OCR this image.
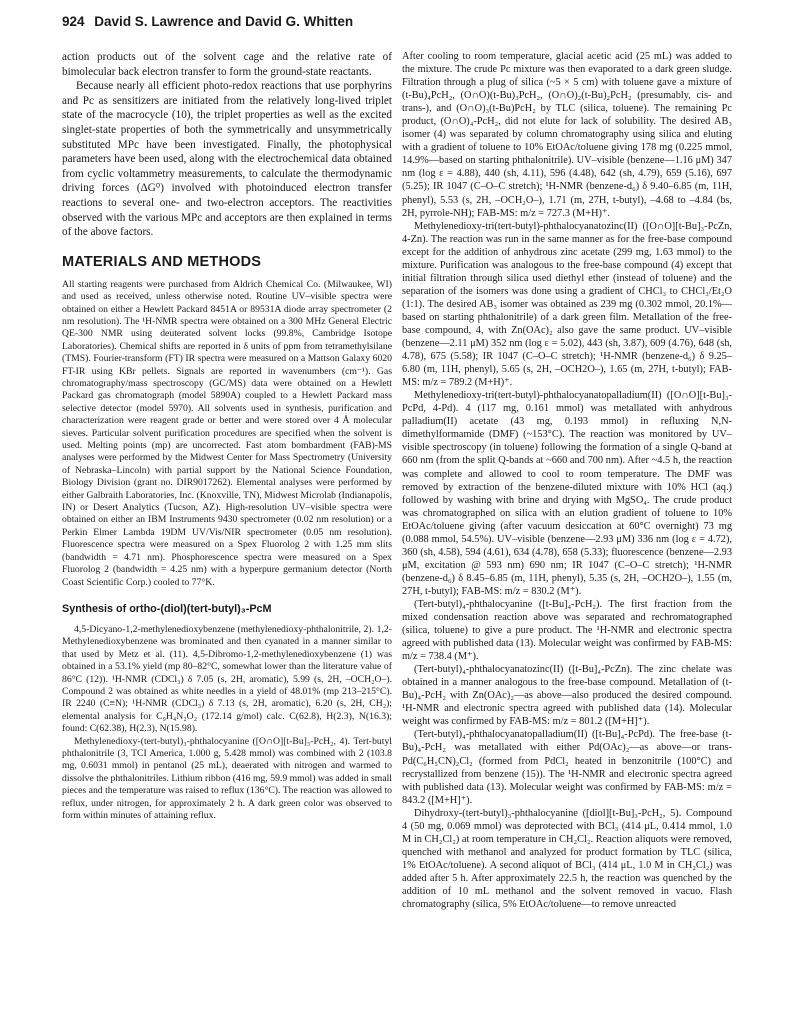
924 David S. Lawrence and David G. Whitten

action products out of the solvent cage and the relative rate of bimolecular back electron transfer to form the ground-state reactants.

Because nearly all efficient photo-redox reactions that use porphyrins and Pc as sensitizers are initiated from the relatively long-lived triplet state of the macrocycle (10), the triplet properties as well as the excited singlet-state properties of both the symmetrically and unsymmetrically substituted MPc have been investigated. Finally, the photophysical parameters have been used, along with the electrochemical data obtained from cyclic voltammetry measurements, to calculate the thermodynamic driving forces (ΔG⁰) involved with photoinduced electron transfer reactions to several one- and two-electron acceptors. The reactivities observed with the various MPc and acceptors are then explained in terms of the above factors.

MATERIALS AND METHODS

All starting reagents were purchased from Aldrich Chemical Co. (Milwaukee, WI) and used as received, unless otherwise noted. Routine UV–visible spectra were obtained on either a Hewlett Packard 8451A or 89531A diode array spectrometer (2 nm resolution). The ¹H-NMR spectra were obtained on a 300 MHz General Electric QE-300 NMR using deuterated solvent locks (99.8%, Cambridge Isotope Laboratories). Chemical shifts are reported in δ units of ppm from tetramethylsilane (TMS). Fourier-transform (FT) IR spectra were measured on a Mattson Galaxy 6020 FT-IR using KBr pellets. Signals are reported in wavenumbers (cm⁻¹). Gas chromatography/mass spectroscopy (GC/MS) data were obtained on a Hewlett Packard gas chromatograph (model 5890A) coupled to a Hewlett Packard mass selective detector (model 5970). All solvents used in synthesis, purification and characterization were reagent grade or better and were stored over 4 Å molecular sieves. Particular solvent purification procedures are specified when the solvent is used. Melting points (mp) are uncorrected. Fast atom bombardment (FAB)-MS analyses were performed by the Midwest Center for Mass Spectrometry (University of Nebraska–Lincoln) with partial support by the National Science Foundation, Biology Division (grant no. DIR9017262). Elemental analyses were performed by either Galbraith Laboratories, Inc. (Knoxville, TN), Midwest Microlab (Indianapolis, IN) or Desert Analytics (Tucson, AZ). High-resolution UV–visible spectra were obtained on either an IBM Instruments 9430 spectrometer (0.02 nm resolution) or a Perkin Elmer Lambda 19DM UV/Vis/NIR spectrometer (0.05 nm resolution). Fluorescence spectra were measured on a Spex Fluorolog 2 with 1.25 mm slits (bandwidth = 4.71 nm). Phosphorescence spectra were measured on a Spex Fluorolog 2 (bandwidth = 4.25 nm) with a hyperpure germanium detector (North Coast Scientific Corp.) cooled to 77°K.

Synthesis of ortho-(diol)(tert-butyl)₃-PcM

4,5-Dicyano-1,2-methylenedioxybenzene (methylenedioxy-phthalonitrile, 2). 1,2-Methylenedioxybenzene was brominated and then cyanated in a manner similar to that used by Metz et al. (11). 4,5-Dibromo-1,2-methylenedioxybenzene (1) was obtained in a 53.1% yield (mp 80–82°C, somewhat lower than the literature value of 86°C (12)). ¹H-NMR (CDCl₃) δ 7.05 (s, 2H, aromatic), 5.99 (s, 2H, –OCH₂O–). Compound 2 was obtained as white needles in a yield of 48.01% (mp 213–215°C). IR 2240 (C≡N); ¹H-NMR (CDCl₃) δ 7.13 (s, 2H, aromatic), 6.20 (s, 2H, CH₂); elemental analysis for C₉H₄N₂O₂ (172.14 g/mol) calc. C(62.8), H(2.3), N(16.3); found: C(62.38), H(2.3), N(15.98).

Methylenedioxy-(tert-butyl)₃-phthalocyanine ([O∩O][t-Bu]₃-PcH₂, 4). Tert-butyl phthalonitrile (3, TCI America, 1.000 g, 5.428 mmol) was combined with 2 (103.8 mg, 0.6031 mmol) in pentanol (25 mL), deaerated with nitrogen and warmed to dissolve the phthalonitriles. Lithium ribbon (416 mg, 59.9 mmol) was added in small pieces and the temperature was raised to reflux (136°C). The reaction was allowed to reflux, under nitrogen, for approximately 2 h. A dark green color was observed to form within minutes of attaining reflux.

After cooling to room temperature, glacial acetic acid (25 mL) was added to the mixture. The crude Pc mixture was then evaporated to a dark green sludge. Filtration through a plug of silica (~5 × 5 cm) with toluene gave a mixture of (t-Bu)₄PcH₂, (O∩O)(t-Bu)₃PcH₂, (O∩O)₂(t-Bu)₂PcH₂ (presumably, cis- and trans-), and (O∩O)₃(t-Bu)PcH₂ by TLC (silica, toluene). The remaining Pc product, (O∩O)₄-PcH₂, did not elute for lack of solubility. The desired AB₃ isomer (4) was separated by column chromatography using silica and eluting with a gradient of toluene to 10% EtOAc/toluene giving 178 mg (0.225 mmol, 14.9%—based on starting phthalonitrile). UV–visible (benzene—1.16 μM) 347 nm (log ε = 4.88), 440 (sh, 4.11), 596 (4.48), 642 (sh, 4.79), 659 (5.16), 697 (5.25); IR 1047 (C–O–C stretch); ¹H-NMR (benzene-d₆) δ 9.40–6.85 (m, 11H, phenyl), 5.53 (s, 2H, –OCH₂O–), 1.71 (m, 27H, t-butyl), –4.68 to –4.84 (bs, 2H, pyrrole-NH); FAB-MS: m/z = 727.3 (M+H)⁺.

Methylenedioxy-tri(tert-butyl)-phthalocyanatozinc(II) ([O∩O][t-Bu]₃-PcZn, 4-Zn). The reaction was run in the same manner as for the free-base compound except for the addition of anhydrous zinc acetate (299 mg, 1.63 mmol) to the mixture. Purification was analogous to the free-base compound (4) except that initial filtration through silica used diethyl ether (instead of toluene) and the separation of the isomers was done using a gradient of CHCl₃ to CHCl₃/Et₂O (1:1). The desired AB₃ isomer was obtained as 239 mg (0.302 mmol, 20.1%—based on starting phthalonitrile) of a dark green film. Metallation of the free-base compound, 4, with Zn(OAc)₂ also gave the same product. UV–visible (benzene—2.11 μM) 352 nm (log ε = 5.02), 443 (sh, 3.87), 609 (4.76), 648 (sh, 4.78), 675 (5.58); IR 1047 (C–O–C stretch); ¹H-NMR (benzene-d₆) δ 9.25–6.80 (m, 11H, phenyl), 5.65 (s, 2H, –OCH2O–), 1.65 (m, 27H, t-butyl); FAB-MS: m/z = 789.2 (M+H)⁺.

Methylenedioxy-tri(tert-butyl)-phthalocyanatopalladium(II) ([O∩O][t-Bu]₃-PcPd, 4-Pd). 4 (117 mg, 0.161 mmol) was metallated with anhydrous palladium(II) acetate (43 mg, 0.193 mmol) in refluxing N,N-dimethylformamide (DMF) (~153°C). The reaction was monitored by UV–visible spectroscopy (in toluene) following the formation of a single Q-band at 660 nm (from the split Q-bands at ~660 and 700 nm). After ~4.5 h, the reaction was complete and allowed to cool to room temperature. The DMF was removed by extraction of the benzene-diluted mixture with 10% HCl (aq.) followed by washing with brine and drying with MgSO₄. The crude product was chromatographed on silica with an elution gradient of toluene to 10% EtOAc/toluene giving (after vacuum desiccation at 60°C overnight) 73 mg (0.088 mmol, 54.5%). UV–visible (benzene—2.93 μM) 336 nm (log ε = 4.72), 360 (sh, 4.58), 594 (4.61), 634 (4.78), 658 (5.33); fluorescence (benzene—2.93 μM, excitation @ 593 nm) 690 nm; IR 1047 (C–O–C stretch); ¹H-NMR (benzene-d₆) δ 8.45–6.85 (m, 11H, phenyl), 5.35 (s, 2H, –OCH2O–), 1.55 (m, 27H, t-butyl); FAB-MS: m/z = 830.2 (M⁺).

(Tert-butyl)₄-phthalocyanine ([t-Bu]₄-PcH₂). The first fraction from the mixed condensation reaction above was separated and rechromatographed (silica, toluene) to give a pure product. The ¹H-NMR and electronic spectra agreed with published data (13). Molecular weight was confirmed by FAB-MS: m/z = 738.4 (M⁺).

(Tert-butyl)₄-phthalocyanatozinc(II) ([t-Bu]₄-PcZn). The zinc chelate was obtained in a manner analogous to the free-base compound. Metallation of (t-Bu)₄-PcH₂ with Zn(OAc)₂—as above—also produced the desired compound. ¹H-NMR and electronic spectra agreed with published data (14). Molecular weight was confirmed by FAB-MS: m/z = 801.2 ([M+H]⁺).

(Tert-butyl)₄-phthalocyanatopalladium(II) ([t-Bu]₄-PcPd). The free-base (t-Bu)₄-PcH₂ was metallated with either Pd(OAc)₂—as above—or trans-Pd(C₆H₅CN)₂Cl₂ (formed from PdCl₂ heated in benzonitrile (100°C) and recrystallized from benzene (15)). The ¹H-NMR and electronic spectra agreed with published data (13). Molecular weight was confirmed by FAB-MS: m/z = 843.2 ([M+H]⁺).

Dihydroxy-(tert-butyl)₃-phthalocyanine ([diol][t-Bu]₃-PcH₂, 5). Compound 4 (50 mg, 0.069 mmol) was deprotected with BCl₃ (414 μL, 0.414 mmol, 1.0 M in CH₂Cl₂) at room temperature in CH₂Cl₂. Reaction aliquots were removed, quenched with methanol and analyzed for product formation by TLC (silica, 1% EtOAc/toluene). A second aliquot of BCl₃ (414 μL, 1.0 M in CH₂Cl₂) was added after 5 h. After approximately 22.5 h, the reaction was quenched by the addition of 10 mL methanol and the solvent removed in vacuo. Flash chromatography (silica, 5% EtOAc/toluene—to remove unreacted
